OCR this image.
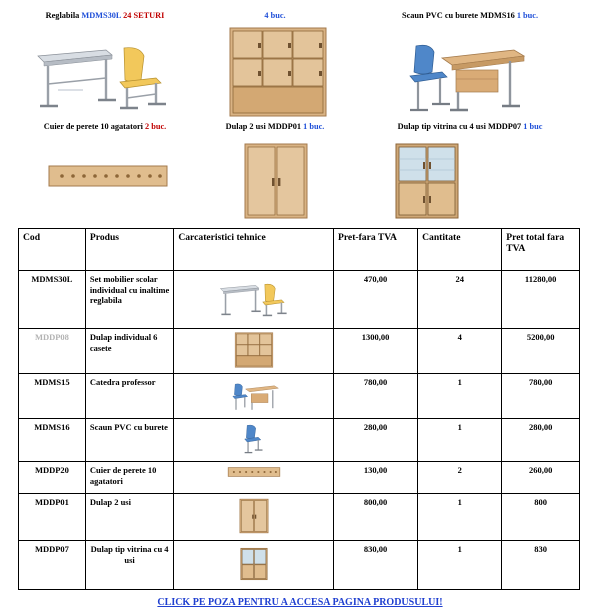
Reglabila MDMS30L 24 SETURI	4 buc.	Scaun PVC cu burete MDMS16 1 buc.
Cuier de perete 10 agatatori 2 buc.	Dulap 2 usi MDDP01 1 buc.	Dulap tip vitrina cu 4 usi MDDP07 1 buc
Cod	Produs	Carcateristici tehnice	Pret-fara TVA	Cantitate	Pret total fara TVA
MDMS30L	Set mobilier scolar individual cu inaltime reglabila		470,00	24	11280,00
MDDP08	Dulap individual 6 casete		1300,00	4	5200,00
MDMS15	Catedra professor		780,00	1	780,00
MDMS16	Scaun PVC cu burete		280,00	1	280,00
MDDP20	Cuier de perete 10 agatatori		130,00	2	260,00
MDDP01	Dulap 2 usi		800,00	1	800
MDDP07	Dulap tip vitrina cu 4 usi		830,00	1	830
CLICK PE POZA PENTRU A ACCESA PAGINA PRODUSULUI!
